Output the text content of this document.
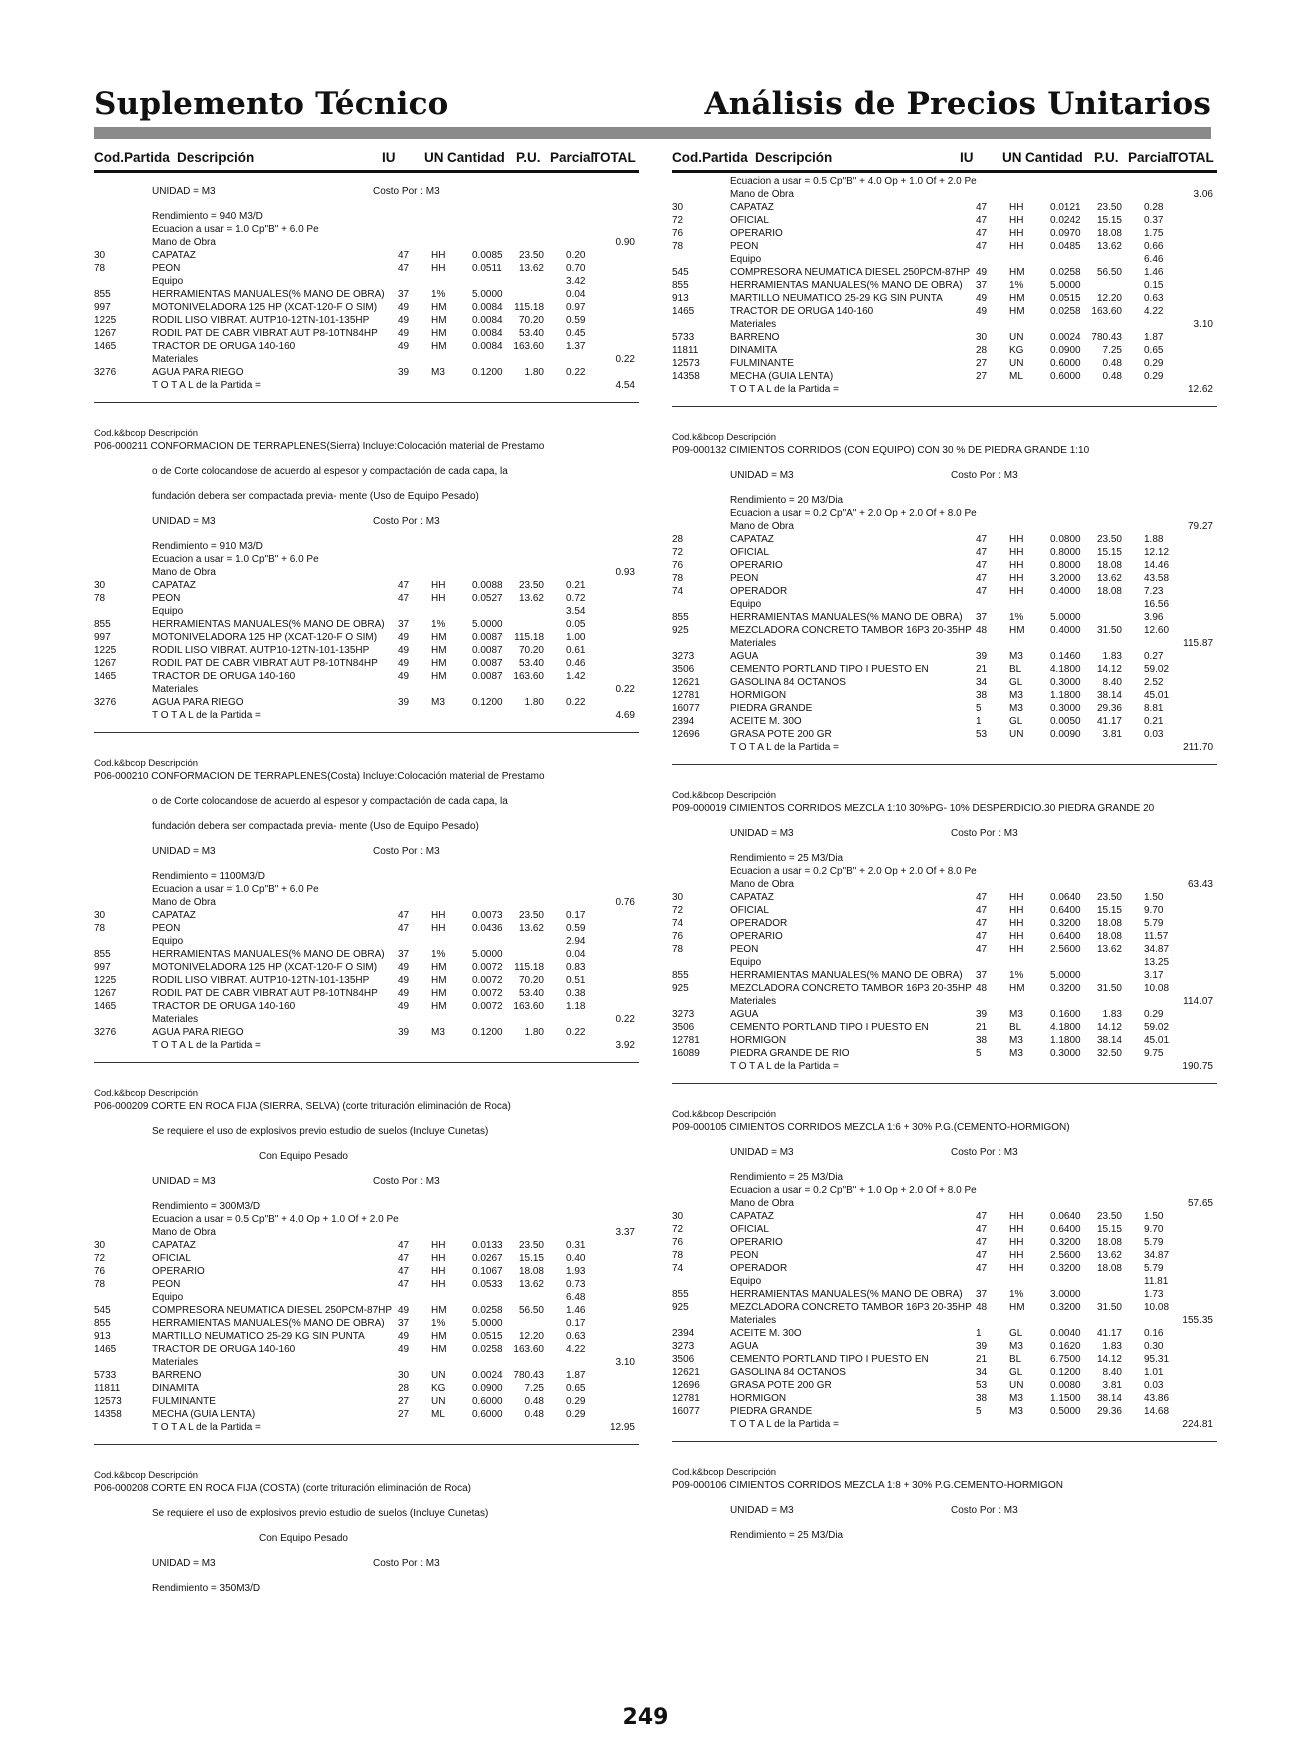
Suplemento Técnico	Análisis de Precios Unitarios
Cod.Partida Descripción	IU UN Cantidad P.U. Parcial
TOTAL
UNIDAD = M3	Costo Por : M3
Rendimiento = 940 M3/D
Ecuacion a usar = 1.0 Cp"B" + 6.0 Pe
Mano de Obra	0.90
30	CAPATAZ	47 HH	0.0085 23.50 0.20
78	PEON	47 HH	0.0511 13.62 0.70
Equipo	3.42
855	HERRAMIENTAS MANUALES(% MANO DE OBRA) 37 1%	5.0000	0.04
997	MOTONIVELADORA 125 HP (XCAT-120-F O SIM) 49 HM	0.0084 115.18 0.97
1225	RODIL LISO VIBRAT. AUTP10-12TN-101-135HP	49 HM	0.0084 70.20 0.59
1267	RODIL PAT DE CABR VIBRAT AUT P8-10TN84HP 49 HM	0.0084 53.40 0.45
1465	TRACTOR DE ORUGA 140-160	49 HM	0.0084 163.60 1.37
Materiales	0.22
3276	AGUA PARA RIEGO	39 M3	0.1200 1.80 0.22
T O T A L de la Partida =	4.54
Cod.k&bcop Descripción
P06-000211 CONFORMACION DE TERRAPLENES(Sierra) Incluye:Colocación material de Prestamo
o de Corte colocandose de acuerdo al espesor y compactación de cada capa, la
fundación debera ser compactada previa- mente (Uso de Equipo Pesado)
UNIDAD = M3	Costo Por : M3
Rendimiento = 910 M3/D
Ecuacion a usar = 1.0 Cp"B" + 6.0 Pe
Mano de Obra	0.93
30	CAPATAZ	47 HH	0.0088 23.50 0.21
78	PEON	47 HH	0.0527 13.62 0.72
Equipo	3.54
855	HERRAMIENTAS MANUALES(% MANO DE OBRA) 37 1%	5.0000	0.05
997	MOTONIVELADORA 125 HP (XCAT-120-F O SIM) 49 HM	0.0087 115.18 1.00
1225	RODIL LISO VIBRAT. AUTP10-12TN-101-135HP	49 HM	0.0087 70.20 0.61
1267	RODIL PAT DE CABR VIBRAT AUT P8-10TN84HP 49 HM	0.0087 53.40 0.46
1465	TRACTOR DE ORUGA 140-160	49 HM	0.0087 163.60 1.42
Materiales	0.22
3276	AGUA PARA RIEGO	39 M3	0.1200 1.80 0.22
T O T A L de la Partida =	4.69
Cod.k&bcop Descripción
P06-000210 CONFORMACION DE TERRAPLENES(Costa) Incluye:Colocación material de Prestamo
o de Corte colocandose de acuerdo al espesor y compactación de cada capa, la
fundación debera ser compactada previa- mente (Uso de Equipo Pesado)
UNIDAD = M3	Costo Por : M3
Rendimiento = 1100M3/D
Ecuacion a usar = 1.0 Cp"B" + 6.0 Pe
Mano de Obra	0.76
30	CAPATAZ	47 HH	0.0073 23.50 0.17
78	PEON	47 HH	0.0436 13.62 0.59
Equipo	2.94
855	HERRAMIENTAS MANUALES(% MANO DE OBRA) 37 1%	5.0000	0.04
997	MOTONIVELADORA 125 HP (XCAT-120-F O SIM) 49 HM	0.0072 115.18 0.83
1225	RODIL LISO VIBRAT. AUTP10-12TN-101-135HP	49 HM	0.0072 70.20 0.51
1267	RODIL PAT DE CABR VIBRAT AUT P8-10TN84HP 49 HM	0.0072 53.40 0.38
1465	TRACTOR DE ORUGA 140-160	49 HM	0.0072 163.60 1.18
Materiales	0.22
3276	AGUA PARA RIEGO	39 M3	0.1200 1.80 0.22
T O T A L de la Partida =	3.92
Cod.k&bcop Descripción
P06-000209 CORTE EN ROCA FIJA (SIERRA, SELVA) (corte trituración eliminación de Roca)
Se requiere el uso de explosivos previo estudio de suelos (Incluye Cunetas)
Con Equipo Pesado
UNIDAD = M3	Costo Por : M3
Rendimiento = 300M3/D
Ecuacion a usar = 0.5 Cp"B" + 4.0 Op + 1.0 Of + 2.0 Pe
Mano de Obra	3.37
30	CAPATAZ	47 HH	0.0133 23.50 0.31
72	OFICIAL	47 HH	0.0267 15.15 0.40
76	OPERARIO	47 HH	0.1067 18.08 1.93
78	PEON	47 HH	0.0533 13.62 0.73
Equipo	6.48
545	COMPRESORA NEUMATICA DIESEL 250PCM-87HP 49 HM	0.0258 56.50 1.46
855	HERRAMIENTAS MANUALES(% MANO DE OBRA) 37 1%	5.0000	0.17
913	MARTILLO NEUMATICO 25-29 KG SIN PUNTA	49 HM	0.0515 12.20 0.63
1465	TRACTOR DE ORUGA 140-160	49 HM	0.0258 163.60 4.22
Materiales	3.10
5733	BARRENO	30 UN	0.0024 780.43 1.87
11811	DINAMITA	28 KG	0.0900 7.25 0.65
12573	FULMINANTE	27 UN	0.6000 0.48 0.29
14358	MECHA (GUIA LENTA)	27 ML	0.6000 0.48 0.29
T O T A L de la Partida =	12.95
Cod.k&bcop Descripción
P06-000208 CORTE EN ROCA FIJA (COSTA) (corte trituración eliminación de Roca)
Se requiere el uso de explosivos previo estudio de suelos (Incluye Cunetas)
Con Equipo Pesado
UNIDAD = M3	Costo Por : M3
Rendimiento = 350M3/D
Cod.Partida Descripción	IU UN Cantidad P.U. Parcial
TOTAL
Ecuacion a usar = 0.5 Cp"B" + 4.0 Op + 1.0 Of + 2.0 Pe
Mano de Obra	3.06
30	CAPATAZ	47 HH	0.0121 23.50 0.28
72	OFICIAL	47 HH	0.0242 15.15 0.37
76	OPERARIO	47 HH	0.0970 18.08 1.75
78	PEON	47 HH	0.0485 13.62 0.66
Equipo	6.46
545	COMPRESORA NEUMATICA DIESEL 250PCM-87HP 49 HM	0.0258 56.50 1.46
855	HERRAMIENTAS MANUALES(% MANO DE OBRA) 37 1%	5.0000	0.15
913	MARTILLO NEUMATICO 25-29 KG SIN PUNTA	49 HM	0.0515 12.20 0.63
1465	TRACTOR DE ORUGA 140-160	49 HM	0.0258 163.60 4.22
Materiales	3.10
5733	BARRENO	30 UN	0.0024 780.43 1.87
11811	DINAMITA	28 KG	0.0900 7.25 0.65
12573	FULMINANTE	27 UN	0.6000 0.48 0.29
14358	MECHA (GUIA LENTA)	27 ML	0.6000 0.48 0.29
T O T A L de la Partida =	12.62
Cod.k&bcop Descripción
P09-000132 CIMIENTOS CORRIDOS (CON EQUIPO) CON 30 % DE PIEDRA GRANDE 1:10
UNIDAD = M3	Costo Por : M3
Rendimiento = 20 M3/Dia
Ecuacion a usar = 0.2 Cp"A" + 2.0 Op + 2.0 Of + 8.0 Pe
Mano de Obra	79.27
28	CAPATAZ	47 HH	0.0800 23.50 1.88
72	OFICIAL	47 HH	0.8000 15.15 12.12
76	OPERARIO	47 HH	0.8000 18.08 14.46
78	PEON	47 HH	3.2000 13.62 43.58
74	OPERADOR	47 HH	0.4000 18.08 7.23
Equipo	16.56
855	HERRAMIENTAS MANUALES(% MANO DE OBRA) 37 1%	5.0000	3.96
925	MEZCLADORA CONCRETO TAMBOR 16P3 20-35HP 48 HM	0.4000 31.50 12.60
Materiales	115.87
3273	AGUA	39 M3	0.1460 1.83 0.27
3506	CEMENTO PORTLAND TIPO I PUESTO EN	21 BL	4.1800 14.12 59.02
12621	GASOLINA 84 OCTANOS	34 GL	0.3000 8.40 2.52
12781	HORMIGON	38 M3	1.1800 38.14 45.01
16077	PIEDRA GRANDE	5	M3	0.3000 29.36 8.81
2394	ACEITE M. 30O	1	GL	0.0050 41.17 0.21
12696	GRASA POTE 200 GR	53 UN	0.0090 3.81 0.03
T O T A L de la Partida =	211.70
Cod.k&bcop Descripción
P09-000019 CIMIENTOS CORRIDOS MEZCLA 1:10 30%PG- 10% DESPERDICIO.30 PIEDRA GRANDE 20
UNIDAD = M3	Costo Por : M3
Rendimiento = 25 M3/Dia
Ecuacion a usar = 0.2 Cp"B" + 2.0 Op + 2.0 Of + 8.0 Pe
Mano de Obra	63.43
30	CAPATAZ	47 HH	0.0640 23.50 1.50
72	OFICIAL	47 HH	0.6400 15.15 9.70
74	OPERADOR	47 HH	0.3200 18.08 5.79
76	OPERARIO	47 HH	0.6400 18.08 11.57
78	PEON	47 HH	2.5600 13.62 34.87
Equipo	13.25
855	HERRAMIENTAS MANUALES(% MANO DE OBRA) 37 1%	5.0000	3.17
925	MEZCLADORA CONCRETO TAMBOR 16P3 20-35HP 48 HM	0.3200 31.50 10.08
Materiales	114.07
3273	AGUA	39 M3	0.1600 1.83 0.29
3506	CEMENTO PORTLAND TIPO I PUESTO EN	21 BL	4.1800 14.12 59.02
12781	HORMIGON	38 M3	1.1800 38.14 45.01
16089	PIEDRA GRANDE DE RIO	5	M3	0.3000 32.50 9.75
T O T A L de la Partida =	190.75
Cod.k&bcop Descripción
P09-000105 CIMIENTOS CORRIDOS MEZCLA 1:6 + 30% P.G.(CEMENTO-HORMIGON)
UNIDAD = M3	Costo Por : M3
Rendimiento = 25 M3/Dia
Ecuacion a usar = 0.2 Cp"B" + 1.0 Op + 2.0 Of + 8.0 Pe
Mano de Obra	57.65
30	CAPATAZ	47 HH	0.0640 23.50 1.50
72	OFICIAL	47 HH	0.6400 15.15 9.70
76	OPERARIO	47 HH	0.3200 18.08 5.79
78	PEON	47 HH	2.5600 13.62 34.87
74	OPERADOR	47 HH	0.3200 18.08 5.79
Equipo	11.81
855	HERRAMIENTAS MANUALES(% MANO DE OBRA) 37 1%	3.0000	1.73
925	MEZCLADORA CONCRETO TAMBOR 16P3 20-35HP 48 HM	0.3200 31.50 10.08
Materiales	155.35
2394	ACEITE M. 30O	1	GL	0.0040 41.17 0.16
3273	AGUA	39 M3	0.1620 1.83 0.30
3506	CEMENTO PORTLAND TIPO I PUESTO EN	21 BL	6.7500 14.12 95.31
12621	GASOLINA 84 OCTANOS	34 GL	0.1200 8.40 1.01
12696	GRASA POTE 200 GR	53 UN	0.0080 3.81 0.03
12781	HORMIGON	38 M3	1.1500 38.14 43.86
16077	PIEDRA GRANDE	5	M3	0.5000 29.36 14.68
T O T A L de la Partida =	224.81
Cod.k&bcop Descripción
P09-000106 CIMIENTOS CORRIDOS MEZCLA 1:8 + 30% P.G.CEMENTO-HORMIGON
UNIDAD = M3	Costo Por : M3
Rendimiento = 25 M3/Dia
249
